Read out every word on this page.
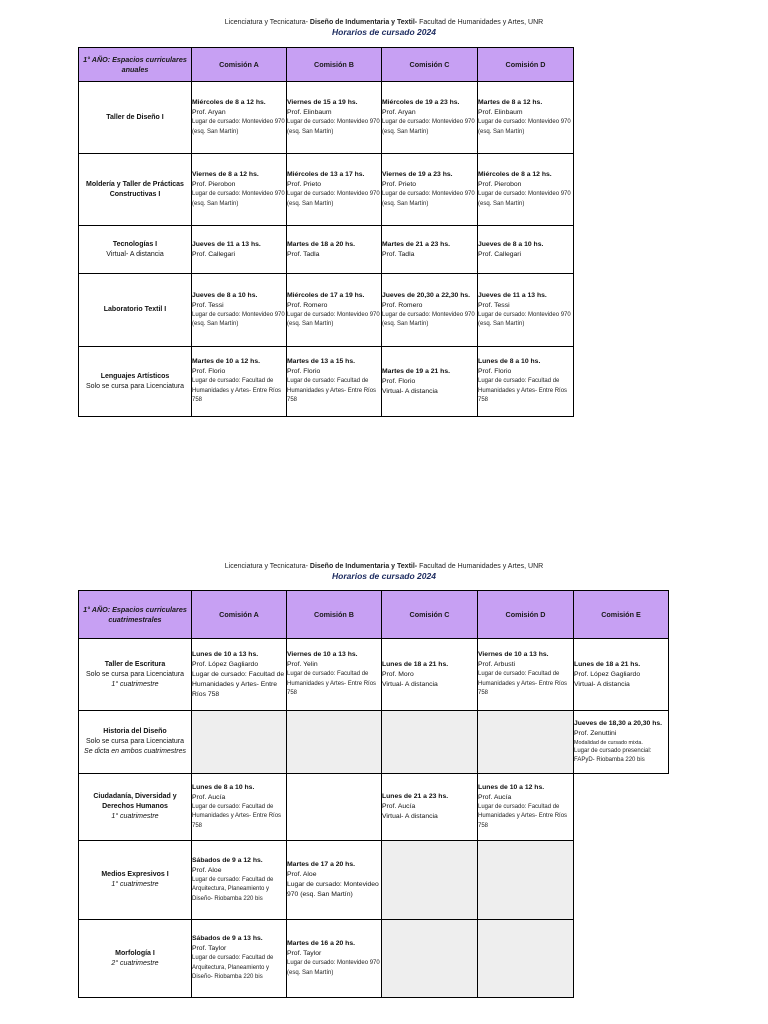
Licenciatura y Tecnicatura- Diseño de Indumentaria y Textil- Facultad de Humanidades y Artes, UNR
Horarios de cursado 2024
1° AÑO: Espacios curriculares anuales	Comisión A	Comisión B	Comisión C	Comisión D

Taller de Diseño I	Miércoles de 8 a 12 hs.
Prof. Aryan
Lugar de cursado: Montevideo 970 (esq. San Martín)	Viernes de 15 a 19 hs.
Prof. Elinbaum
Lugar de cursado: Montevideo 970 (esq. San Martín)	Miércoles de 19 a 23 hs.
Prof. Aryan
Lugar de cursado: Montevideo 970 (esq. San Martín)	Martes de 8 a 12 hs.
Prof. Elinbaum
Lugar de cursado: Montevideo 970 (esq. San Martín)

Moldería y Taller de Prácticas Constructivas I	Viernes de 8 a 12 hs.
Prof. Pierobon
Lugar de cursado: Montevideo 970 (esq. San Martín)	Miércoles de 13 a 17 hs.
Prof. Prieto
Lugar de cursado: Montevideo 970 (esq. San Martín)	Viernes de 19 a 23 hs.
Prof. Prieto
Lugar de cursado: Montevideo 970 (esq. San Martín)	Miércoles de 8 a 12 hs.
Prof. Pierobon
Lugar de cursado: Montevideo 970 (esq. San Martín)

Tecnologías I
Virtual- A distancia	Jueves de 11 a 13 hs.
Prof. Callegari	Martes de 18 a 20 hs.
Prof. Tadla	Martes de 21 a 23 hs.
Prof. Tadla	Jueves de 8 a 10 hs.
Prof. Callegari

Laboratorio Textil I	Jueves de 8 a 10 hs.
Prof. Tessi
Lugar de cursado: Montevideo 970 (esq. San Martín)	Miércoles de 17 a 19 hs.
Prof. Romero
Lugar de cursado: Montevideo 970 (esq. San Martín)	Jueves de 20,30 a 22,30 hs.
Prof. Romero
Lugar de cursado: Montevideo 970 (esq. San Martín)	Jueves de 11 a 13 hs.
Prof. Tessi
Lugar de cursado: Montevideo 970 (esq. San Martín)

Lenguajes Artísticos
Solo se cursa para Licenciatura	Martes de 10 a 12 hs.
Prof. Florio
Lugar de cursado: Facultad de Humanidades y Artes- Entre Ríos 758	Martes de 13 a 15 hs.
Prof. Florio
Lugar de cursado: Facultad de Humanidades y Artes- Entre Ríos 758	Martes de 19 a 21 hs.
Prof. Florio
Virtual- A distancia	Lunes de 8 a 10 hs.
Prof. Florio
Lugar de cursado: Facultad de Humanidades y Artes- Entre Ríos 758
Licenciatura y Tecnicatura- Diseño de Indumentaria y Textil- Facultad de Humanidades y Artes, UNR
Horarios de cursado 2024
1° AÑO: Espacios curriculares cuatrimestrales	Comisión A	Comisión B	Comisión C	Comisión D	Comisión E

Taller de Escritura
Solo se cursa para Licenciatura
1° cuatrimestre	Lunes de 10 a 13 hs.
Prof. López Gagliardo
Lugar de cursado: Facultad de Humanidades y Artes- Entre Ríos 758	Viernes de 10 a 13 hs.
Prof. Yelin
Lugar de cursado: Facultad de Humanidades y Artes- Entre Ríos 758	Lunes de 18 a 21 hs.
Prof. Moro
Virtual- A distancia	Viernes de 10 a 13 hs.
Prof. Arbusti
Lugar de cursado: Facultad de Humanidades y Artes- Entre Ríos 758	Lunes de 18 a 21 hs.
Prof. López Gagliardo
Virtual- A distancia

Historia del Diseño
Solo se cursa para Licenciatura
Se dicta en ambos cuatrimestres					Jueves de 18,30 a 20,30 hs.
Prof. Zenuttini
Modalidad de cursado mixta.
Lugar de cursado presencial: FAPyD- Riobamba 220 bis

Ciudadanía, Diversidad y Derechos Humanos
1° cuatrimestre	Lunes de 8 a 10 hs.
Prof. Aucía
Lugar de cursado: Facultad de Humanidades y Artes- Entre Ríos 758		Lunes de 21 a 23 hs.
Prof. Aucía
Virtual- A distancia	Lunes de 10 a 12 hs.
Prof. Aucía
Lugar de cursado: Facultad de Humanidades y Artes- Entre Ríos 758	

Medios Expresivos I
1° cuatrimestre	Sábados de 9 a 12 hs.
Prof. Aloe
Lugar de cursado: Facultad de Arquitectura, Planeamiento y Diseño- Riobamba 220 bis	Martes de 17 a 20 hs.
Prof. Aloe
Lugar de cursado: Montevideo 970 (esq. San Martín)			

Morfología I
2° cuatrimestre	Sábados de 9 a 13 hs.
Prof. Taylor
Lugar de cursado: Facultad de Arquitectura, Planeamiento y Diseño- Riobamba 220 bis	Martes de 16 a 20 hs.
Prof. Taylor
Lugar de cursado: Montevideo 970 (esq. San Martín)			
